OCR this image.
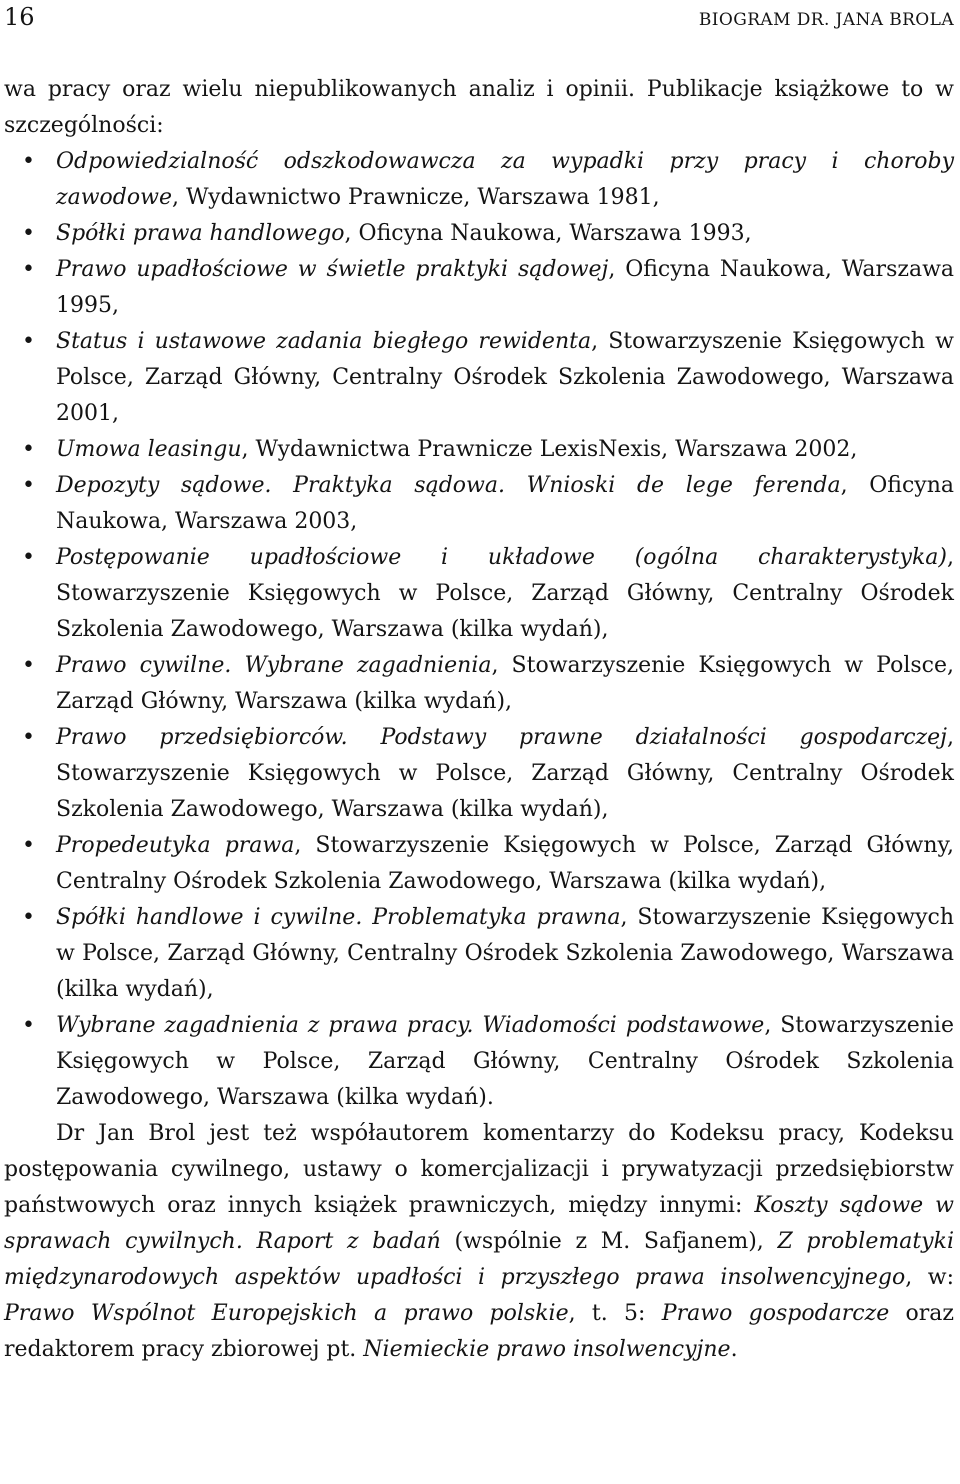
16	BIOGRAM DR. JANA BROLA

wa pracy oraz wielu niepublikowanych analiz i opinii. Publikacje książkowe to w szczególności:

• Odpowiedzialność odszkodowawcza za wypadki przy pracy i choroby zawodowe, Wydawnictwo Prawnicze, Warszawa 1981,
• Spółki prawa handlowego, Oficyna Naukowa, Warszawa 1993,
• Prawo upadłościowe w świetle praktyki sądowej, Oficyna Naukowa, Warszawa 1995,
• Status i ustawowe zadania biegłego rewidenta, Stowarzyszenie Księgowych w Polsce, Zarząd Główny, Centralny Ośrodek Szkolenia Zawodowego, Warszawa 2001,
• Umowa leasingu, Wydawnictwa Prawnicze LexisNexis, Warszawa 2002,
• Depozyty sądowe. Praktyka sądowa. Wnioski de lege ferenda, Oficyna Naukowa, Warszawa 2003,
• Postępowanie upadłościowe i układowe (ogólna charakterystyka), Stowarzyszenie Księgowych w Polsce, Zarząd Główny, Centralny Ośrodek Szkolenia Zawodowego, Warszawa (kilka wydań),
• Prawo cywilne. Wybrane zagadnienia, Stowarzyszenie Księgowych w Polsce, Zarząd Główny, Warszawa (kilka wydań),
• Prawo przedsiębiorców. Podstawy prawne działalności gospodarczej, Stowarzyszenie Księgowych w Polsce, Zarząd Główny, Centralny Ośrodek Szkolenia Zawodowego, Warszawa (kilka wydań),
• Propedeutyka prawa, Stowarzyszenie Księgowych w Polsce, Zarząd Główny, Centralny Ośrodek Szkolenia Zawodowego, Warszawa (kilka wydań),
• Spółki handlowe i cywilne. Problematyka prawna, Stowarzyszenie Księgowych w Polsce, Zarząd Główny, Centralny Ośrodek Szkolenia Zawodowego, Warszawa (kilka wydań),
• Wybrane zagadnienia z prawa pracy. Wiadomości podstawowe, Stowarzyszenie Księgowych w Polsce, Zarząd Główny, Centralny Ośrodek Szkolenia Zawodowego, Warszawa (kilka wydań).

Dr Jan Brol jest też współautorem komentarzy do Kodeksu pracy, Kodeksu postępowania cywilnego, ustawy o komercjalizacji i prywatyzacji przedsiębiorstw państwowych oraz innych książek prawniczych, między innymi: Koszty sądowe w sprawach cywilnych. Raport z badań (wspólnie z M. Safjanem), Z problematyki międzynarodowych aspektów upadłości i przyszłego prawa insolwencyjnego, w: Prawo Wspólnot Europejskich a prawo polskie, t. 5: Prawo gospodarcze oraz redaktorem pracy zbiorowej pt. Niemieckie prawo insolwencyjne.
